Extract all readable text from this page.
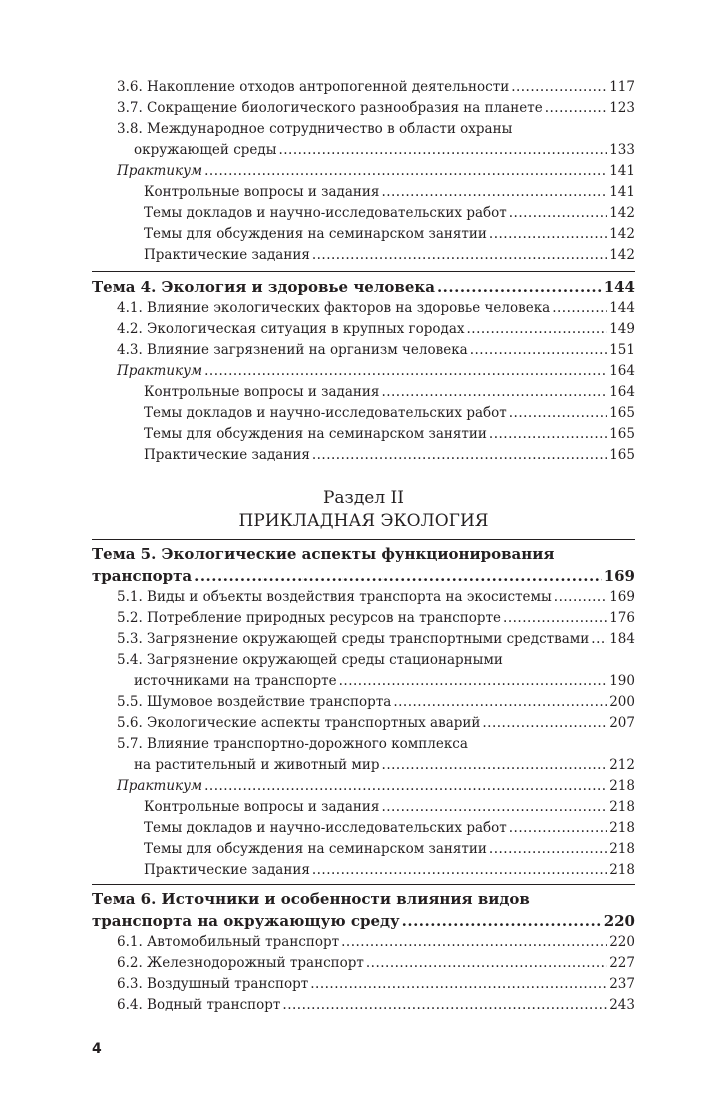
3.6. Накопление отходов антропогенной деятельности .....	117
3.7. Сокращение биологического разнообразия на планете .....	123
3.8. Международное сотрудничество в области охраны
окружающей среды .....	133
Практикум .....	141
Контрольные вопросы и задания .....	141
Темы докладов и научно-исследовательских работ .....	142
Темы для обсуждения на семинарском занятии .....	142
Практические задания .....	142
Тема 4. Экология и здоровье человека .....	144
4.1. Влияние экологических факторов на здоровье человека .....	144
4.2. Экологическая ситуация в крупных городах .....	149
4.3. Влияние загрязнений на организм человека .....	151
Практикум .....	164
Контрольные вопросы и задания .....	164
Темы докладов и научно-исследовательских работ .....	165
Темы для обсуждения на семинарском занятии .....	165
Практические задания .....	165
Раздел II
ПРИКЛАДНАЯ ЭКОЛОГИЯ
Тема 5. Экологические аспекты функционирования
транспорта .....	169
5.1. Виды и объекты воздействия транспорта на экосистемы .....	169
5.2. Потребление природных ресурсов на транспорте .....	176
5.3. Загрязнение окружающей среды транспортными средствами ..... 184
5.4. Загрязнение окружающей среды стационарными
источниками на транспорте .....	190
5.5. Шумовое воздействие транспорта .....	200
5.6. Экологические аспекты транспортных аварий .....	207
5.7. Влияние транспортно-дорожного комплекса
на растительный и животный мир .....	212
Практикум .....	218
Контрольные вопросы и задания .....	218
Темы докладов и научно-исследовательских работ .....	218
Темы для обсуждения на семинарском занятии .....	218
Практические задания .....	218
Тема 6. Источники и особенности влияния видов
транспорта на окружающую среду .....	220
6.1. Автомобильный транспорт .....	220
6.2. Железнодорожный транспорт .....	227
6.3. Воздушный транспорт .....	237
6.4. Водный транспорт .....	243
4
